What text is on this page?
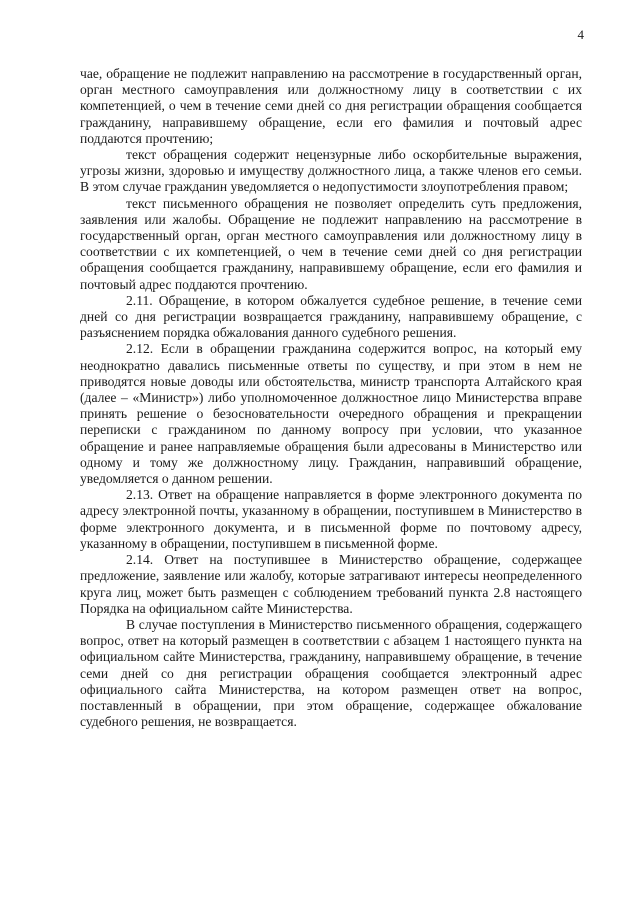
4

чае, обращение не подлежит направлению на рассмотрение в государственный орган, орган местного самоуправления или должностному лицу в соответствии с их компетенцией, о чем в течение семи дней со дня регистрации обращения сообщается гражданину, направившему обращение, если его фамилия и почтовый адрес поддаются прочтению;

текст обращения содержит нецензурные либо оскорбительные выражения, угрозы жизни, здоровью и имуществу должностного лица, а также членов его семьи. В этом случае гражданин уведомляется о недопустимости злоупотребления правом;

текст письменного обращения не позволяет определить суть предложения, заявления или жалобы. Обращение не подлежит направлению на рассмотрение в государственный орган, орган местного самоуправления или должностному лицу в соответствии с их компетенцией, о чем в течение семи дней со дня регистрации обращения сообщается гражданину, направившему обращение, если его фамилия и почтовый адрес поддаются прочтению.

2.11. Обращение, в котором обжалуется судебное решение, в течение семи дней со дня регистрации возвращается гражданину, направившему обращение, с разъяснением порядка обжалования данного судебного решения.

2.12. Если в обращении гражданина содержится вопрос, на который ему неоднократно давались письменные ответы по существу, и при этом в нем не приводятся новые доводы или обстоятельства, министр транспорта Алтайского края (далее – «Министр») либо уполномоченное должностное лицо Министерства вправе принять решение о безосновательности очередного обращения и прекращении переписки с гражданином по данному вопросу при условии, что указанное обращение и ранее направляемые обращения были адресованы в Министерство или одному и тому же должностному лицу. Гражданин, направивший обращение, уведомляется о данном решении.

2.13. Ответ на обращение направляется в форме электронного документа по адресу электронной почты, указанному в обращении, поступившем в Министерство в форме электронного документа, и в письменной форме по почтовому адресу, указанному в обращении, поступившем в письменной форме.

2.14. Ответ на поступившее в Министерство обращение, содержащее предложение, заявление или жалобу, которые затрагивают интересы неопределенного круга лиц, может быть размещен с соблюдением требований пункта 2.8 настоящего Порядка на официальном сайте Министерства.

В случае поступления в Министерство письменного обращения, содержащего вопрос, ответ на который размещен в соответствии с абзацем 1 настоящего пункта на официальном сайте Министерства, гражданину, направившему обращение, в течение семи дней со дня регистрации обращения сообщается электронный адрес официального сайта Министерства, на котором размещен ответ на вопрос, поставленный в обращении, при этом обращение, содержащее обжалование судебного решения, не возвращается.
